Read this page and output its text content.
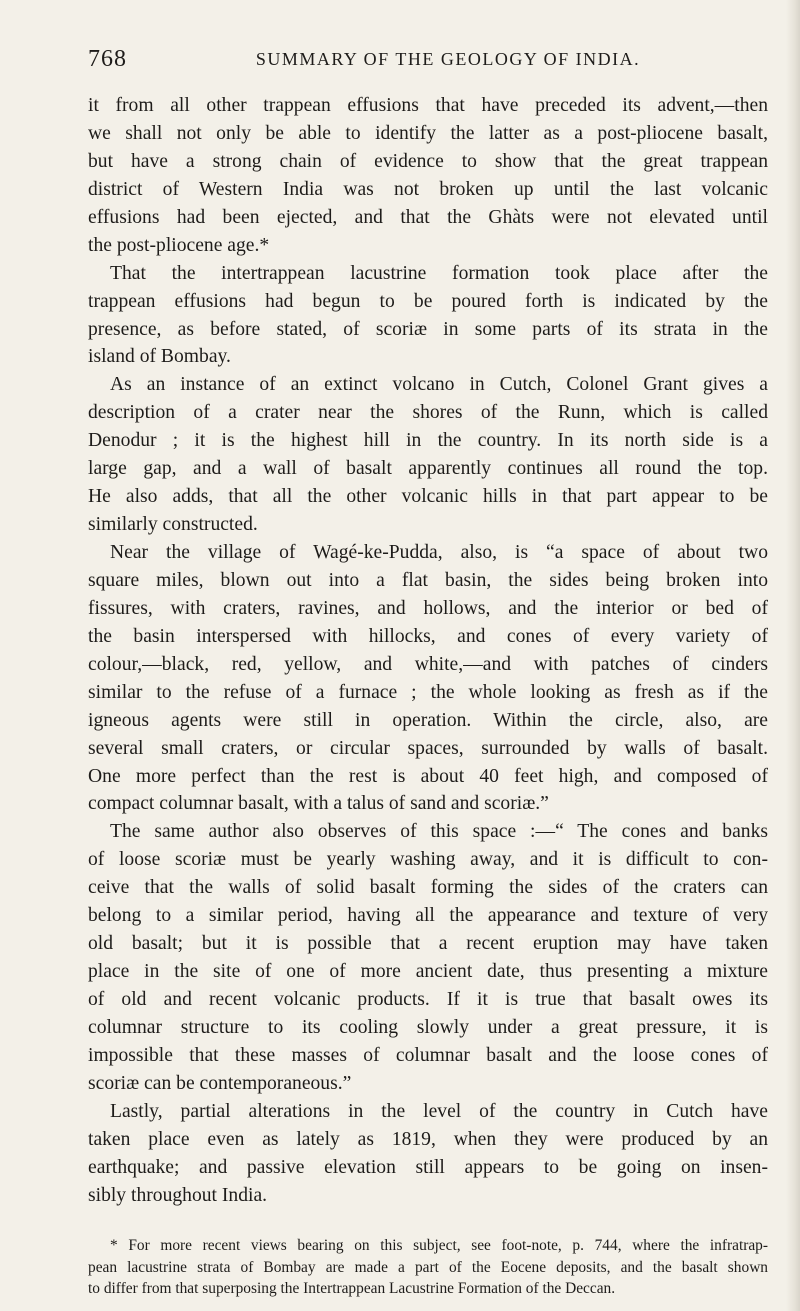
768	SUMMARY OF THE GEOLOGY OF INDIA.
it from all other trappean effusions that have preceded its advent,—then
we shall not only be able to identify the latter as a post-pliocene basalt,
but have a strong chain of evidence to show that the great trappean
district of Western India was not broken up until the last volcanic
effusions had been ejected, and that the Ghàts were not elevated until
the post-pliocene age.*
That the intertrappean lacustrine formation took place after the
trappean effusions had begun to be poured forth is indicated by the
presence, as before stated, of scoriæ in some parts of its strata in the
island of Bombay.
As an instance of an extinct volcano in Cutch, Colonel Grant gives a
description of a crater near the shores of the Runn, which is called
Denodur ; it is the highest hill in the country. In its north side is a
large gap, and a wall of basalt apparently continues all round the top.
He also adds, that all the other volcanic hills in that part appear to be
similarly constructed.
Near the village of Wagé-ke-Pudda, also, is “a space of about two
square miles, blown out into a flat basin, the sides being broken into
fissures, with craters, ravines, and hollows, and the interior or bed of
the basin interspersed with hillocks, and cones of every variety of
colour,—black, red, yellow, and white,—and with patches of cinders
similar to the refuse of a furnace ; the whole looking as fresh as if the
igneous agents were still in operation. Within the circle, also, are
several small craters, or circular spaces, surrounded by walls of basalt.
One more perfect than the rest is about 40 feet high, and composed of
compact columnar basalt, with a talus of sand and scoriæ.”
The same author also observes of this space :—“ The cones and banks
of loose scoriæ must be yearly washing away, and it is difficult to con-
ceive that the walls of solid basalt forming the sides of the craters can
belong to a similar period, having all the appearance and texture of very
old basalt; but it is possible that a recent eruption may have taken
place in the site of one of more ancient date, thus presenting a mixture
of old and recent volcanic products. If it is true that basalt owes its
columnar structure to its cooling slowly under a great pressure, it is
impossible that these masses of columnar basalt and the loose cones of
scoriæ can be contemporaneous.”
Lastly, partial alterations in the level of the country in Cutch have
taken place even as lately as 1819, when they were produced by an
earthquake; and passive elevation still appears to be going on insen-
sibly throughout India.
* For more recent views bearing on this subject, see foot-note, p. 744, where the infratrap-
pean lacustrine strata of Bombay are made a part of the Eocene deposits, and the basalt shown
to differ from that superposing the Intertrappean Lacustrine Formation of the Deccan.
